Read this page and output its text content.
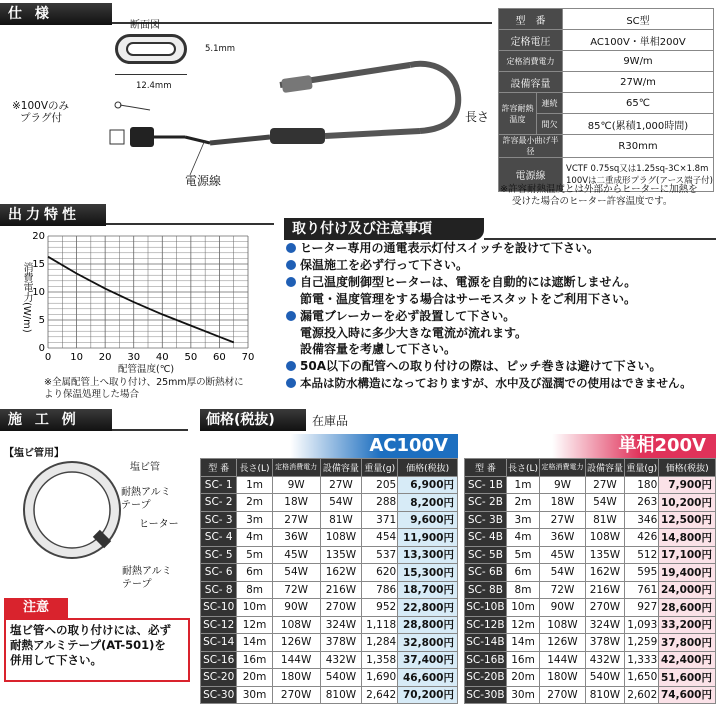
仕 様
断面図
5.1mm
12.4mm
※100Vのみ
プラグ付
電源線
長さ
型　番		SC型
定格電圧		AC100V・単相200V
定格消費電力		9W/m
設備容量		27W/m
許容耐熱温度	連続	65℃
	間欠	85℃(累積1,000時間)
許容最小曲げ半径		R30mm
電源線		VCTF 0.75sq又は1.25sq-3C×1.8m
100Vは二重成形プラグ(アース端子付)
※許容耐熱温度とは外部からヒーターに加熱を
受けた場合のヒーター許容温度です。
出力特性
0 10 20 30 40 50 60 70
0
5
10
15
20
消費電力(W/m)
配管温度(℃)
※全属配管上へ取り付け、25mm厚の断熱材に
より保温処理した場合
取り付け及び注意事項
ヒーター専用の通電表示灯付スイッチを設けて下さい。
保温施工を必ず行って下さい。
自己温度制御型ヒーターは、電源を自動的には遮断しません。
節電・温度管理をする場合はサーモスタットをご利用下さい。
漏電ブレーカーを必ず設置して下さい。
電源投入時に多少大きな電流が流れます。
設備容量を考慮して下さい。
50A以下の配管への取り付けの際は、ピッチ巻きは避けて下さい。
本品は防水構造になっておりますが、水中及び湿潤での使用はできません。
施 工 例
【塩ビ管用】
塩ビ管
耐熱アルミ
テープ
ヒーター
耐熱アルミ
テープ
注意
塩ビ管への取り付けには、必ず
耐熱アルミテープ(AT-501)を
併用して下さい。
価格(税抜)	在庫品
AC100V	単相200V
型 番	長さ(L)	定格消費電力	設備容量	重量(g)	価格(税抜)
SC- 1	1m	9W	27W	205	6,900円
SC- 2	2m	18W	54W	288	8,200円
SC- 3	3m	27W	81W	371	9,600円
SC- 4	4m	36W	108W	454	11,900円
SC- 5	5m	45W	135W	537	13,300円
SC- 6	6m	54W	162W	620	15,300円
SC- 8	8m	72W	216W	786	18,700円
SC-10	10m	90W	270W	952	22,800円
SC-12	12m	108W	324W	1,118	28,800円
SC-14	14m	126W	378W	1,284	32,800円
SC-16	16m	144W	432W	1,358	37,400円
SC-20	20m	180W	540W	1,690	46,600円
SC-30	30m	270W	810W	2,642	70,200円
型 番	長さ(L)	定格消費電力	設備容量	重量(g)	価格(税抜)
SC- 1B	1m	9W	27W	180	7,900円
SC- 2B	2m	18W	54W	263	10,200円
SC- 3B	3m	27W	81W	346	12,500円
SC- 4B	4m	36W	108W	426	14,800円
SC- 5B	5m	45W	135W	512	17,100円
SC- 6B	6m	54W	162W	595	19,400円
SC- 8B	8m	72W	216W	761	24,000円
SC-10B	10m	90W	270W	927	28,600円
SC-12B	12m	108W	324W	1,093	33,200円
SC-14B	14m	126W	378W	1,259	37,800円
SC-16B	16m	144W	432W	1,333	42,400円
SC-20B	20m	180W	540W	1,650	51,600円
SC-30B	30m	270W	810W	2,602	74,600円
